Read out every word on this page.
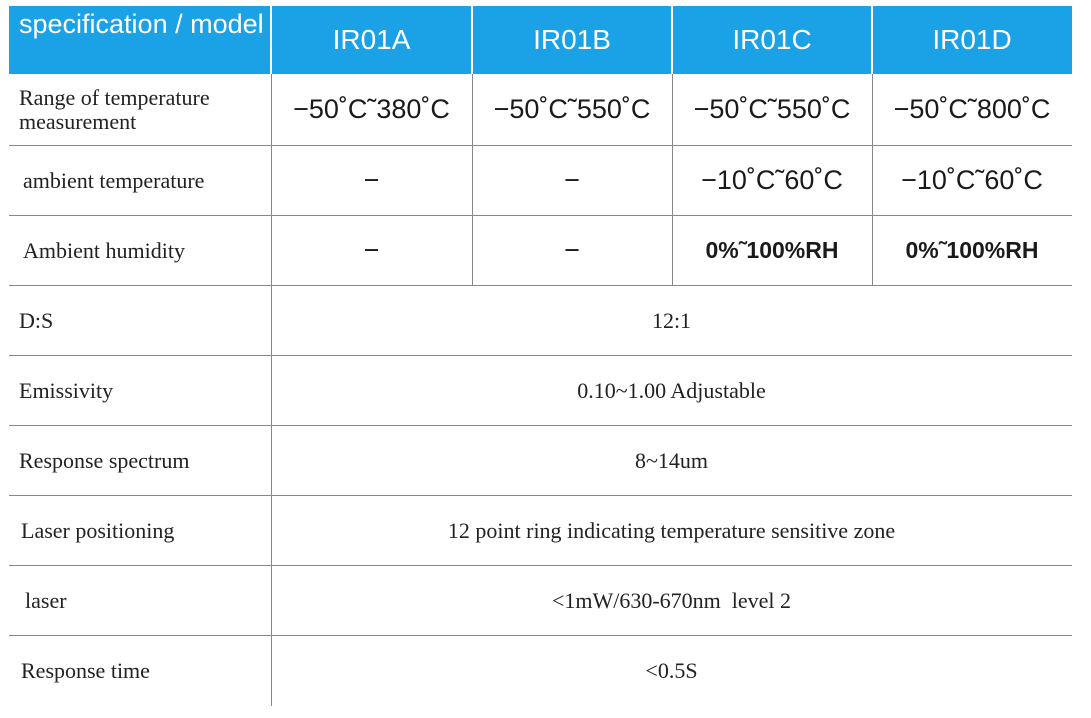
specification / model	IR01A	IR01B	IR01C	IR01D
Range of temperature measurement	−50˚C˜380˚C	−50˚C˜550˚C	−50˚C˜550˚C	−50˚C˜800˚C
ambient temperature	−	−	−10˚C˜60˚C	−10˚C˜60˚C
Ambient humidity	−	−	0%˜100%RH	0%˜100%RH
D:S	12:1
Emissivity	0.10~1.00 Adjustable
Response spectrum	8~14um
Laser positioning	12 point ring indicating temperature sensitive zone
laser	<1mW/630-670nm  level 2
Response time	<0.5S
